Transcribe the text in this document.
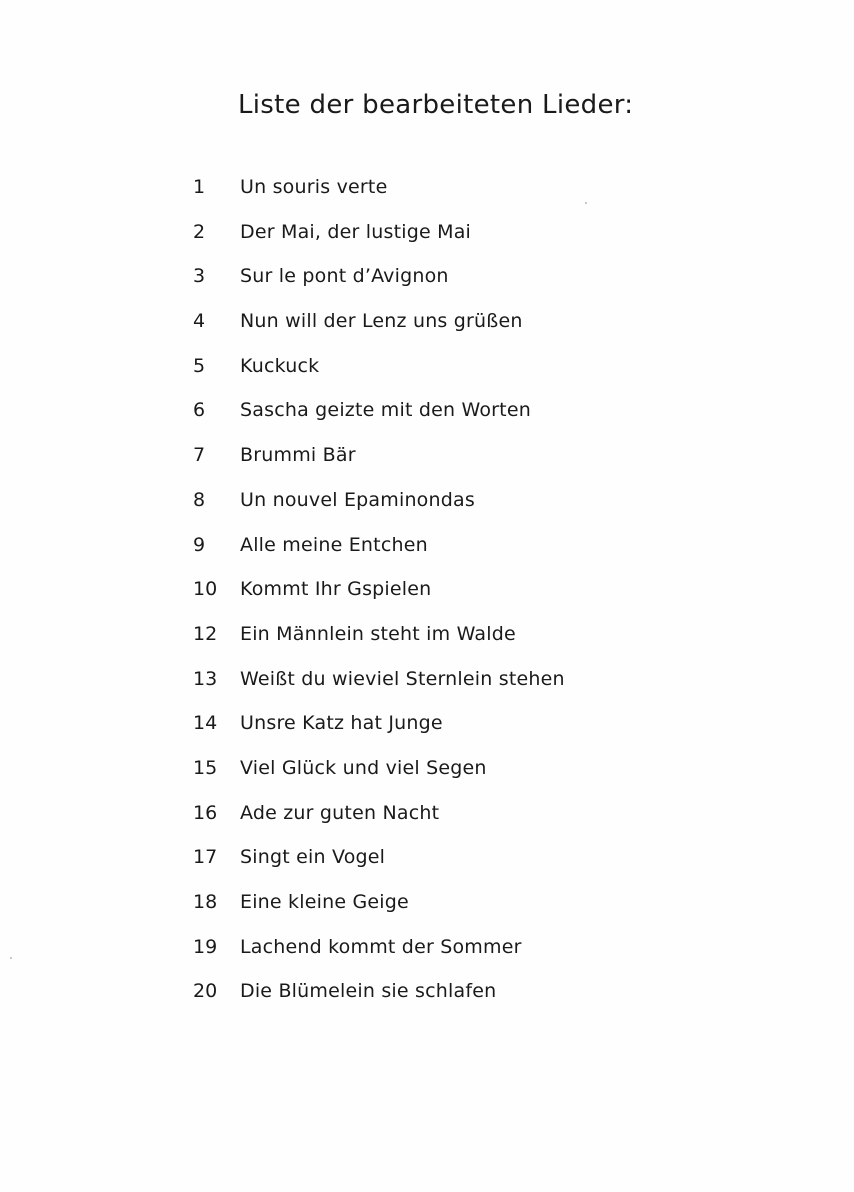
Liste der bearbeiteten Lieder:
1 Un souris verte
2 Der Mai, der lustige Mai
3 Sur le pont d’Avignon
4 Nun will der Lenz uns grüßen
5 Kuckuck
6 Sascha geizte mit den Worten
7 Brummi Bär
8 Un nouvel Epaminondas
9 Alle meine Entchen
10 Kommt Ihr Gspielen
12 Ein Männlein steht im Walde
13 Weißt du wieviel Sternlein stehen
14 Unsre Katz hat Junge
15 Viel Glück und viel Segen
16 Ade zur guten Nacht
17 Singt ein Vogel
18 Eine kleine Geige
19 Lachend kommt der Sommer
20 Die Blümelein sie schlafen
